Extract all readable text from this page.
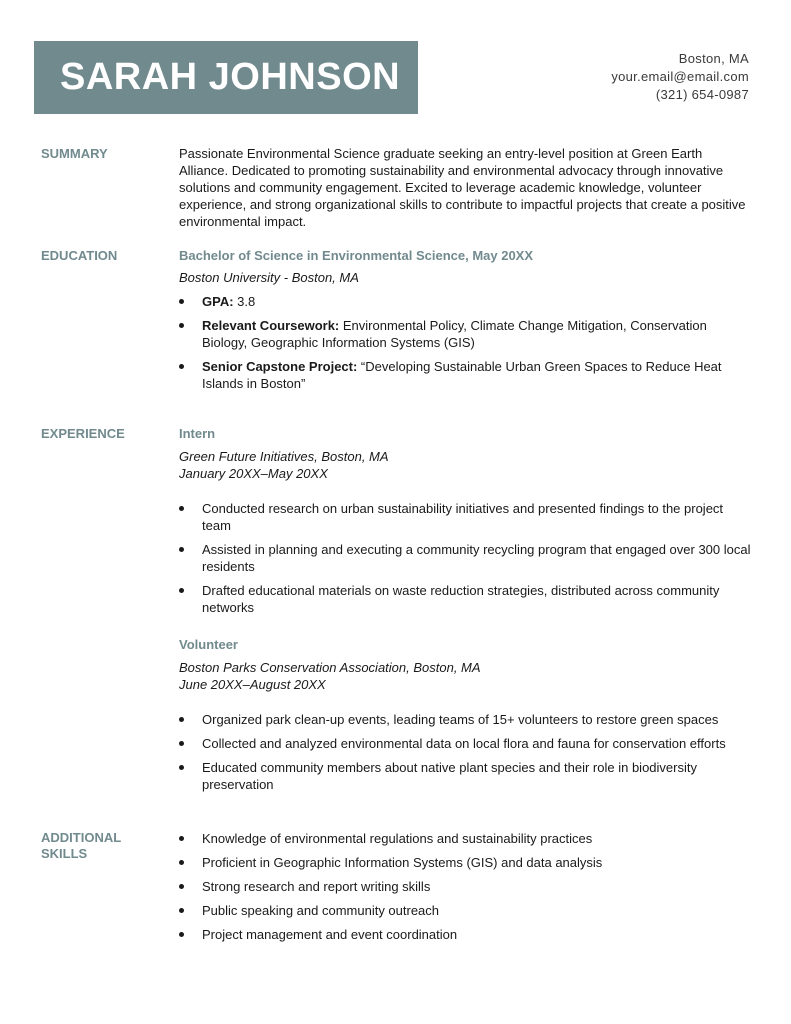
SARAH JOHNSON	Boston, MA
your.email@email.com
(321) 654-0987
SUMMARY	Passionate Environmental Science graduate seeking an entry-level position at Green Earth Alliance. Dedicated to promoting sustainability and environmental advocacy through innovative solutions and community engagement. Excited to leverage academic knowledge, volunteer experience, and strong organizational skills to contribute to impactful projects that create a positive environmental impact.
EDUCATION	Bachelor of Science in Environmental Science, May 20XX
Boston University - Boston, MA
GPA: 3.8
Relevant Coursework: Environmental Policy, Climate Change Mitigation, Conservation Biology, Geographic Information Systems (GIS)
Senior Capstone Project: “Developing Sustainable Urban Green Spaces to Reduce Heat Islands in Boston”
EXPERIENCE	Intern
Green Future Initiatives, Boston, MA
January 20XX–May 20XX
Conducted research on urban sustainability initiatives and presented findings to the project team
Assisted in planning and executing a community recycling program that engaged over 300 local residents
Drafted educational materials on waste reduction strategies, distributed across community networks
Volunteer
Boston Parks Conservation Association, Boston, MA
June 20XX–August 20XX
Organized park clean-up events, leading teams of 15+ volunteers to restore green spaces
Collected and analyzed environmental data on local flora and fauna for conservation efforts
Educated community members about native plant species and their role in biodiversity preservation
ADDITIONAL
SKILLS
Knowledge of environmental regulations and sustainability practices
Proficient in Geographic Information Systems (GIS) and data analysis
Strong research and report writing skills
Public speaking and community outreach
Project management and event coordination
